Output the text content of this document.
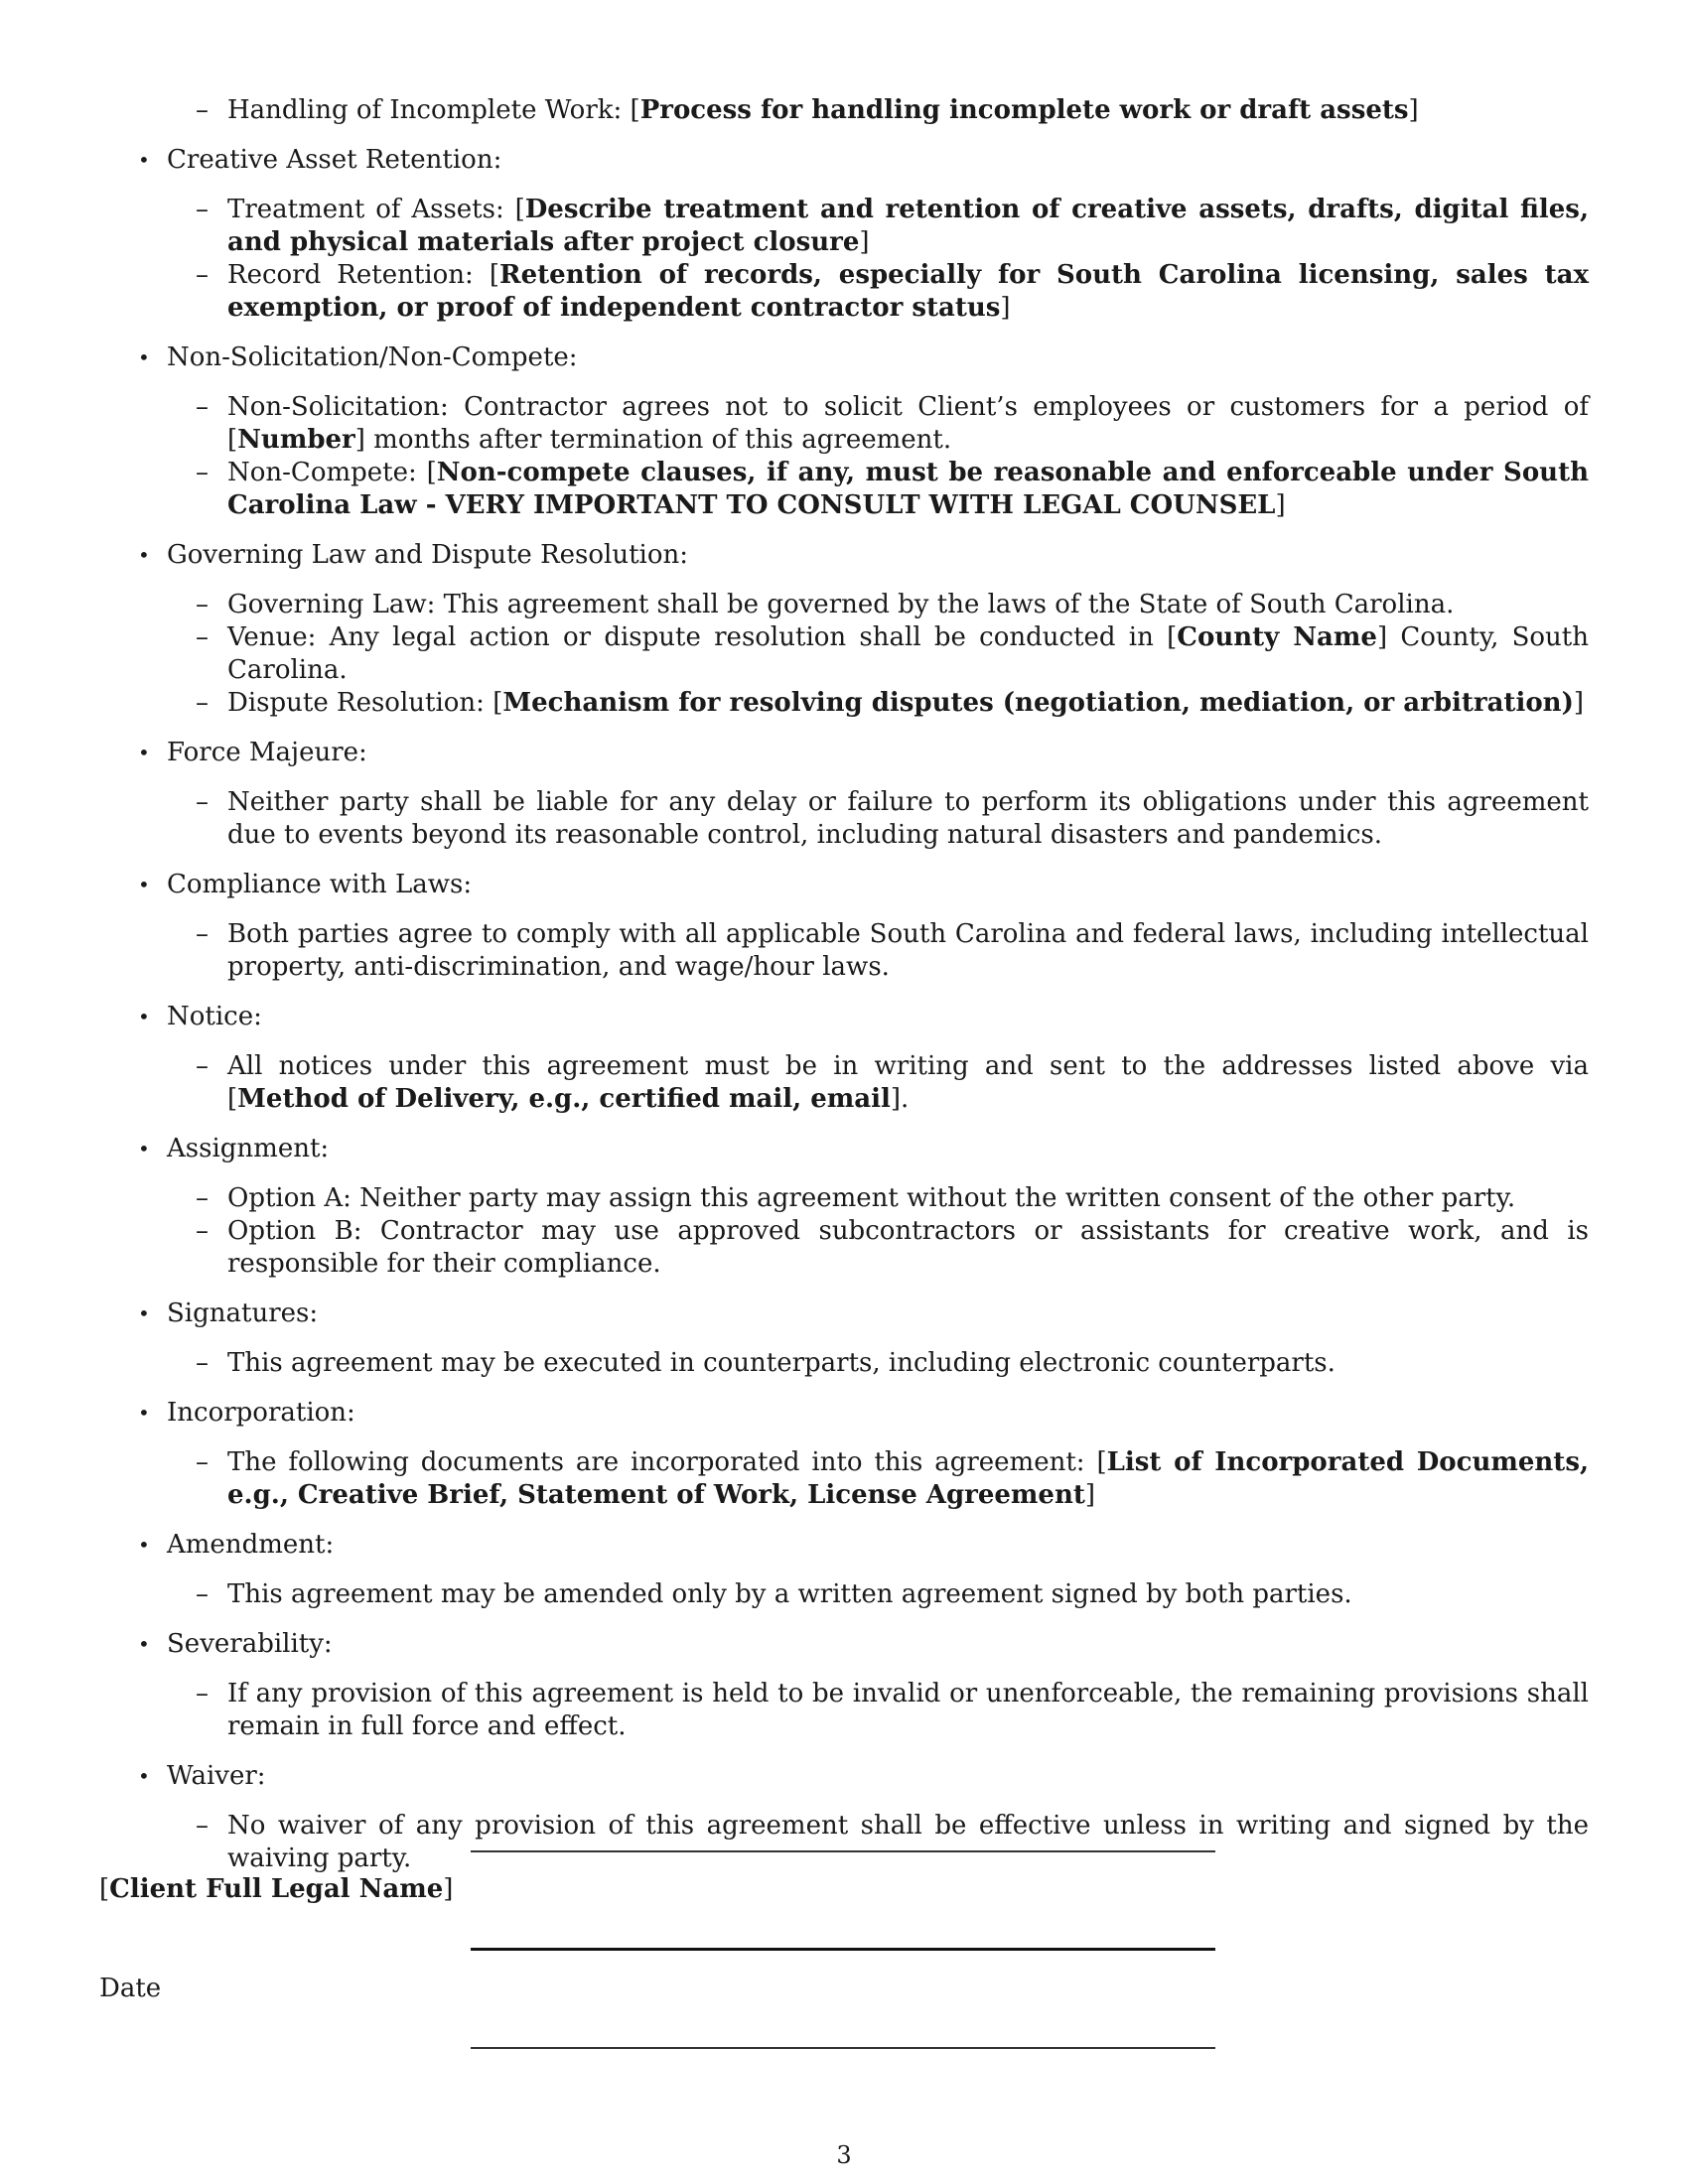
– Handling of Incomplete Work: [Process for handling incomplete work or draft assets]
• Creative Asset Retention:
– Treatment of Assets: [Describe treatment and retention of creative assets, drafts, digital files, and physical materials after project closure]
– Record Retention: [Retention of records, especially for South Carolina licensing, sales tax exemption, or proof of independent contractor status]
• Non-Solicitation/Non-Compete:
– Non-Solicitation: Contractor agrees not to solicit Client’s employees or customers for a period of [Number] months after termination of this agreement.
– Non-Compete: [Non-compete clauses, if any, must be reasonable and enforceable under South Carolina Law - VERY IMPORTANT TO CONSULT WITH LEGAL COUNSEL]
• Governing Law and Dispute Resolution:
– Governing Law: This agreement shall be governed by the laws of the State of South Carolina.
– Venue: Any legal action or dispute resolution shall be conducted in [County Name] County, South Carolina.
– Dispute Resolution: [Mechanism for resolving disputes (negotiation, mediation, or arbitration)]
• Force Majeure:
– Neither party shall be liable for any delay or failure to perform its obligations under this agreement due to events beyond its reasonable control, including natural disasters and pandemics.
• Compliance with Laws:
– Both parties agree to comply with all applicable South Carolina and federal laws, including intellectual property, anti-discrimination, and wage/hour laws.
• Notice:
– All notices under this agreement must be in writing and sent to the addresses listed above via [Method of Delivery, e.g., certified mail, email].
• Assignment:
– Option A: Neither party may assign this agreement without the written consent of the other party.
– Option B: Contractor may use approved subcontractors or assistants for creative work, and is responsible for their compliance.
• Signatures:
– This agreement may be executed in counterparts, including electronic counterparts.
• Incorporation:
– The following documents are incorporated into this agreement: [List of Incorporated Documents, e.g., Creative Brief, Statement of Work, License Agreement]
• Amendment:
– This agreement may be amended only by a written agreement signed by both parties.
• Severability:
– If any provision of this agreement is held to be invalid or unenforceable, the remaining provisions shall remain in full force and effect.
• Waiver:
– No waiver of any provision of this agreement shall be effective unless in writing and signed by the waiving party.
[Client Full Legal Name]
Date
3
